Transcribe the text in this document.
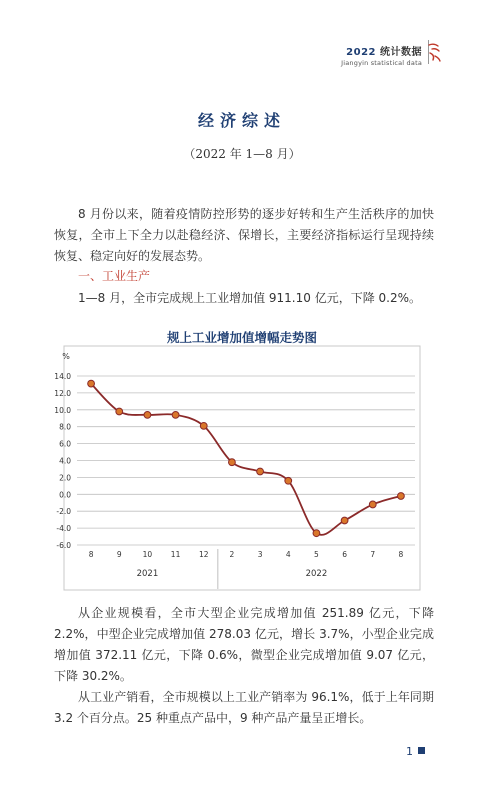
2022 统计数据
Jiangyin statistical data
经济综述
（2022 年 1—8 月）
8 月份以来，随着疫情防控形势的逐步好转和生产生活秩序的加快恢复，全市上下全力以赴稳经济、保增长，主要经济指标运行呈现持续恢复、稳定向好的发展态势。
一、工业生产
1—8 月，全市完成规上工业增加值 911.10 亿元，下降 0.2%。
规上工业增加值增幅走势图
14.0
12.0
10.0
8.0
6.0
4.0
2.0
0.0
-2.0
-4.0
-6.0
%
8	9	10 11 12	2	3	4	5	6	7	8
2021	2022
从企业规模看，全市大型企业完成增加值 251.89 亿元，下降 2.2%，中型企业完成增加值 278.03 亿元，增长 3.7%，小型企业完成增加值 372.11 亿元，下降 0.6%，微型企业完成增加值 9.07 亿元，下降 30.2%。
从工业产销看，全市规模以上工业产销率为 96.1%，低于上年同期 3.2 个百分点。25 种重点产品中，9 种产品产量呈正增长。
1
